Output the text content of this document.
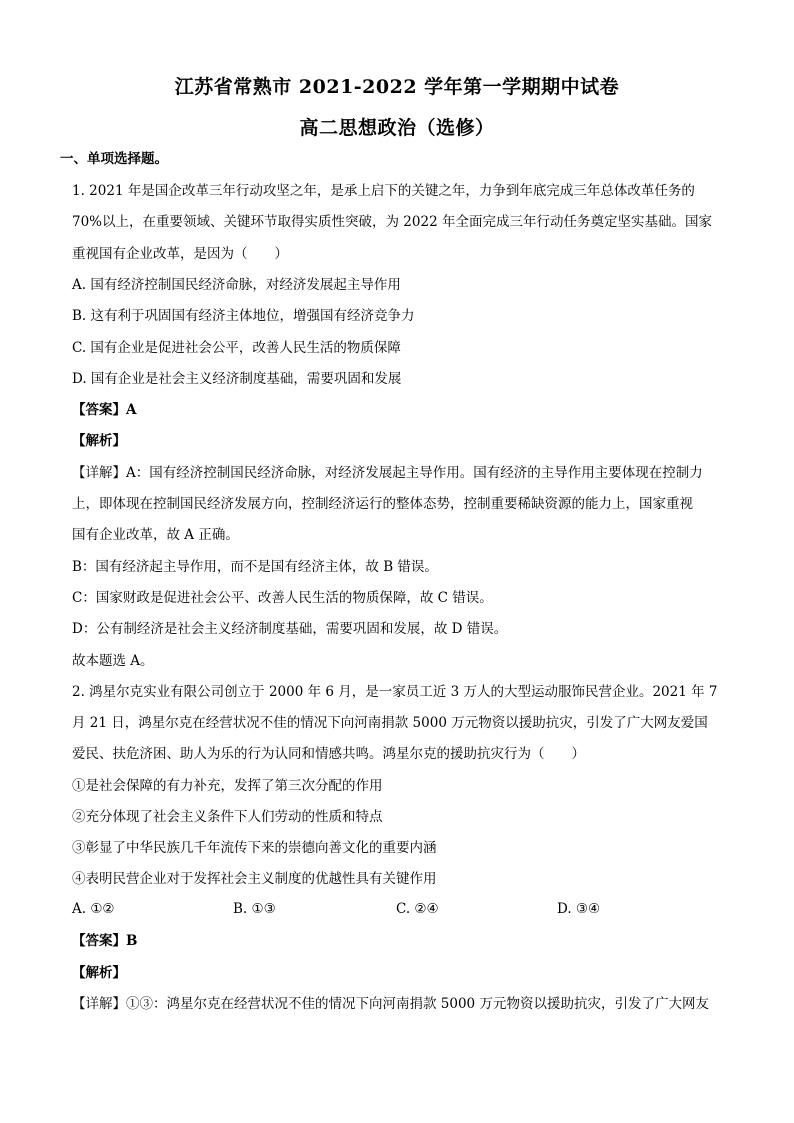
江苏省常熟市 2021-2022 学年第一学期期中试卷
高二思想政治（选修）
一、单项选择题。
1. 2021 年是国企改革三年行动攻坚之年，是承上启下的关键之年，力争到年底完成三年总体改革任务的
70%以上，在重要领域、关键环节取得实质性突破，为 2022 年全面完成三年行动任务奠定坚实基础。国家
重视国有企业改革，是因为（　　）
A. 国有经济控制国民经济命脉，对经济发展起主导作用
B. 这有利于巩固国有经济主体地位，增强国有经济竞争力
C. 国有企业是促进社会公平，改善人民生活的物质保障
D. 国有企业是社会主义经济制度基础，需要巩固和发展
【答案】A
【解析】
【详解】A：国有经济控制国民经济命脉，对经济发展起主导作用。国有经济的主导作用主要体现在控制力
上，即体现在控制国民经济发展方向，控制经济运行的整体态势，控制重要稀缺资源的能力上，国家重视
国有企业改革，故 A 正确。
B：国有经济起主导作用，而不是国有经济主体，故 B 错误。
C：国家财政是促进社会公平、改善人民生活的物质保障，故 C 错误。
D：公有制经济是社会主义经济制度基础，需要巩固和发展，故 D 错误。
故本题选 A。
2. 鸿星尔克实业有限公司创立于 2000 年 6 月，是一家员工近 3 万人的大型运动服饰民营企业。2021 年 7
月 21 日，鸿星尔克在经营状况不佳的情况下向河南捐款 5000 万元物资以援助抗灾，引发了广大网友爱国
爱民、扶危济困、助人为乐的行为认同和情感共鸣。鸿星尔克的援助抗灾行为（　　）
①是社会保障的有力补充，发挥了第三次分配的作用
②充分体现了社会主义条件下人们劳动的性质和特点
③彰显了中华民族几千年流传下来的崇德向善文化的重要内涵
④表明民营企业对于发挥社会主义制度的优越性具有关键作用
A. ①②	B. ①③	C. ②④	D. ③④
【答案】B
【解析】
【详解】①③：鸿星尔克在经营状况不佳的情况下向河南捐款 5000 万元物资以援助抗灾，引发了广大网友
